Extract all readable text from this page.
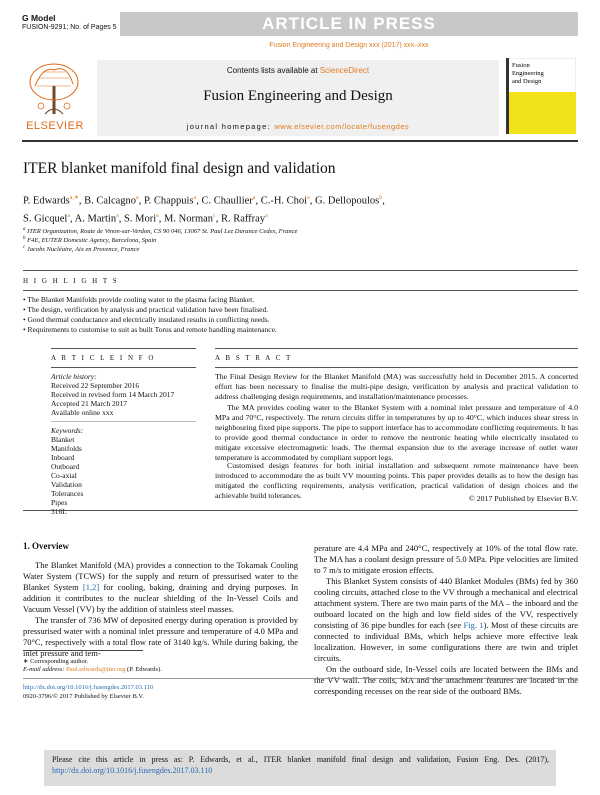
G Model
FUSION-9291; No. of Pages 5	ARTICLE IN PRESS
Fusion Engineering and Design xxx (2017) xxx–xxx
ELSEVIER
Contents lists available at ScienceDirect
Fusion Engineering and Design
journal homepage: www.elsevier.com/locate/fusengdes
Fusion
Engineering
and Design
ITER blanket manifold final design and validation
P. Edwards$^{a,∗}$, B. Calcagno$^a$, P. Chappuis$^a$, C. Chaullier$^a$, C.-H. Choi$^a$, G. Dellopoulos$^b$,
S. Gicquel$^a$, A. Martin$^a$, S. Mori$^a$, M. Norman$^c$, R. Raffray$^a$
$^a$ ITER Organization, Route de Vinon-sur-Verdon, CS 90 046, 13067 St. Paul Lez Durance Cedex, France
$^b$ F4E, EUTER Domestic Agency, Barcelona, Spain
$^c$ Jacobs Nucléaire, Aix en Provence, France
H I G H L I G H T S
• The Blanket Manifolds provide cooling water to the plasma facing Blanket.
• The design, verification by analysis and practical validation have been finalised.
• Good thermal conductance and electrically insulated results in conflicting needs.
• Requirements to customise to suit as built Torus and remote handling maintenance.
A R T I C L E I N F O
Article history:
Received 22 September 2016
Received in revised form 14 March 2017
Accepted 21 March 2017
Available online xxx
Keywords:
Blanket
Manifolds
Inboard
Outboard
Co-axial
Validation
Tolerances
Pipes
316L
A B S T R A C T
The Final Design Review for the Blanket Manifold (MA) was successfully held in December 2015. A concerted effort has been necessary to finalise the multi-pipe design, verification by analysis and practical validation to address challenging design requirements, and installation/maintenance processes.
The MA provides cooling water to the Blanket System with a nominal inlet pressure and temperature of 4.0 MPa and 70°C, respectively. The return circuits differ in temperatures by up to 40°C, which induces shear stress in neighbouring fixed pipe supports. The pipe to support interface has to accommodate conflicting requirements. It has to provide good thermal conductance in order to remove the neutronic heating while electrically insulated to mitigate excessive electromagnetic loads. The thermal expansion due to the average increase of outlet water temperature is accommodated by compliant support legs.
Customised design features for both initial installation and subsequent remote maintenance have been introduced to accommodate the as built VV mounting points. This paper provides details as to how the design has mitigated the conflicting requirements, analysis verification, practical validation of design choices and the achievable build tolerances.	© 2017 Published by Elsevier B.V.
1. Overview

The Blanket Manifold (MA) provides a connection to the Tokamak Cooling Water System (TCWS) for the supply and return of pressurised water to the Blanket System [1,2] for cooling, baking, draining and drying purposes. In addition it contributes to the nuclear shielding of the In-Vessel Coils and Vacuum Vessel (VV) by the addition of stainless steel masses.

The transfer of 736 MW of deposited energy during operation is provided by pressurised water with a nominal inlet pressure and temperature of 4.0 MPa and 70°C, respectively with a total flow rate of 3140 kg/s. While during baking, the inlet pressure and tem-

perature are 4.4 MPa and 240°C, respectively at 10% of the total flow rate. The MA has a coolant design pressure of 5.0 MPa. Pipe velocities are limited to 7 m/s to mitigate erosion effects.

This Blanket System consists of 440 Blanket Modules (BMs) fed by 360 cooling circuits, attached close to the VV through a mechanical and electrical attachment system. There are two main parts of the MA – the inboard and the outboard located on the high and low field sides of the VV, respectively consisting of 36 pipe bundles for each (see Fig. 1). Most of these circuits are connected to individual BMs, which helps achieve more effective leak localization. However, in some configurations there are twin and triplet circuits.

On the outboard side, In-Vessel coils are located between the BMs and the VV wall. The coils, MA and the attachment features are located in the corresponding recesses on the rear side of the outboard BMs.

∗ Corresponding author.
E-mail address: Paul.edwards@iter.org (P. Edwards).
http://dx.doi.org/10.1016/j.fusengdes.2017.03.110
0920-3796/© 2017 Published by Elsevier B.V.
Please cite this article in press as: P. Edwards, et al., ITER blanket manifold final design and validation, Fusion Eng. Des. (2017), http://dx.doi.org/10.1016/j.fusengdes.2017.03.110
